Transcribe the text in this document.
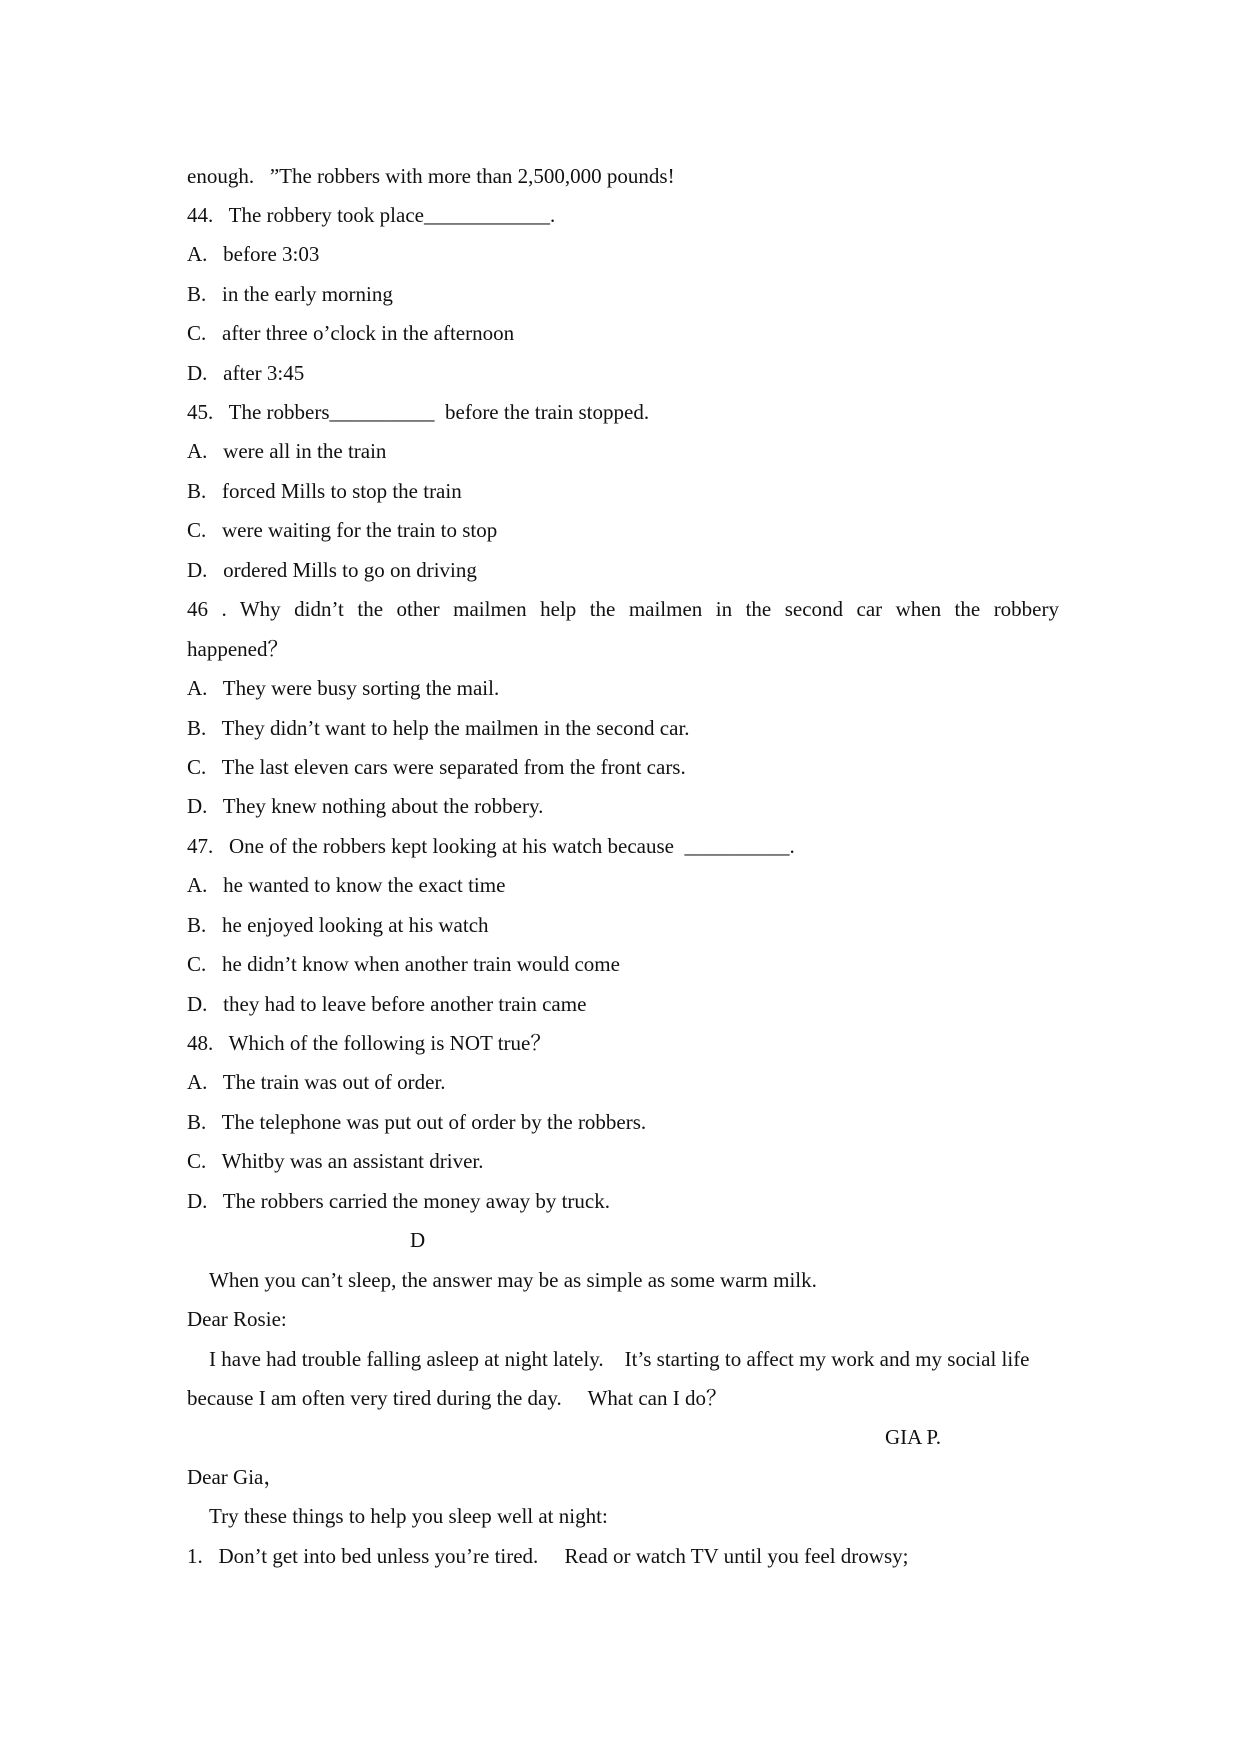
enough.   ”The robbers with more than 2,500,000 pounds!
44.   The robbery took place____________.
A.   before 3:03
B.   in the early morning
C.   after three o’clock in the afternoon
D.   after 3:45
45.   The robbers__________  before the train stopped.
A.   were all in the train
B.   forced Mills to stop the train
C.   were waiting for the train to stop
D.   ordered Mills to go on driving
46 . Why didn’t the other mailmen help the mailmen in the second car when the robbery
happened？
A.   They were busy sorting the mail.
B.   They didn’t want to help the mailmen in the second car.
C.   The last eleven cars were separated from the front cars.
D.   They knew nothing about the robbery.
47.   One of the robbers kept looking at his watch because  __________.
A.   he wanted to know the exact time
B.   he enjoyed looking at his watch
C.   he didn’t know when another train would come
D.   they had to leave before another train came
48.   Which of the following is NOT true？
A.   The train was out of order.
B.   The telephone was put out of order by the robbers.
C.   Whitby was an assistant driver.
D.   The robbers carried the money away by truck.
D
When you can’t sleep, the answer may be as simple as some warm milk.
Dear Rosie:
I have had trouble falling asleep at night lately.    It’s starting to affect my work and my social life
because I am often very tired during the day.     What can I do？
GIA P.
Dear Gia，
Try these things to help you sleep well at night:
1.   Don’t get into bed unless you’re tired.     Read or watch TV until you feel drowsy;
